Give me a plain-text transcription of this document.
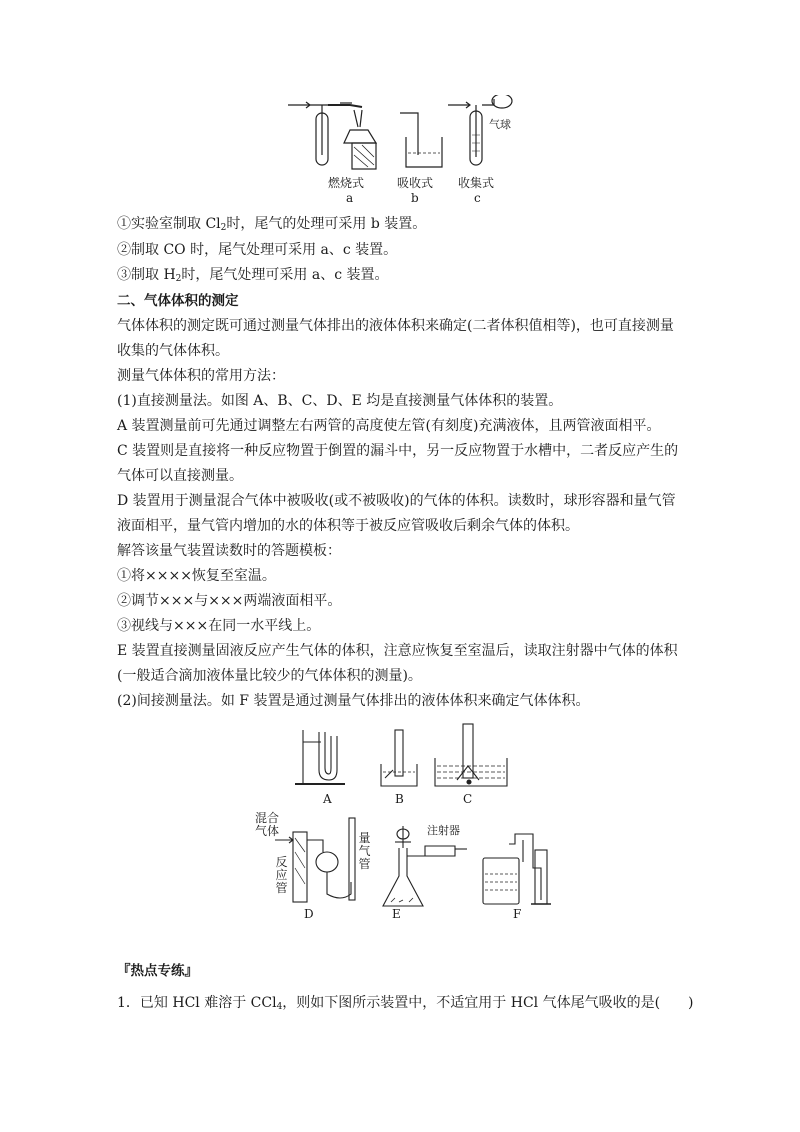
气球
燃烧式	吸收式 收集式
a	b	c
①实验室制取 $Cl_2$时，尾气的处理可采用 b 装置。
②制取 CO 时，尾气处理可采用 a、c 装置。
③制取 $H_2$时，尾气处理可采用 a、c 装置。
二、气体体积的测定
气体体积的测定既可通过测量气体排出的液体体积来确定(二者体积值相等)，也可直接测量
收集的气体体积。
测量气体体积的常用方法：
(1)直接测量法。如图 A、B、C、D、E 均是直接测量气体体积的装置。
A 装置测量前可先通过调整左右两管的高度使左管(有刻度)充满液体，且两管液面相平。
C 装置则是直接将一种反应物置于倒置的漏斗中，另一反应物置于水槽中，二者反应产生的
气体可以直接测量。
D 装置用于测量混合气体中被吸收(或不被吸收)的气体的体积。读数时，球形容器和量气管
液面相平，量气管内增加的水的体积等于被反应管吸收后剩余气体的体积。
解答该量气装置读数时的答题模板：
①将××××恢复至室温。
②调节×××与×××两端液面相平。
③视线与×××在同一水平线上。
E 装置直接测量固液反应产生气体的体积，注意应恢复至室温后，读取注射器中气体的体积
(一般适合滴加液体量比较少的气体体积的测量)。
(2)间接测量法。如 F 装置是通过测量气体排出的液体体积来确定气体体积。
A	B	C
混合气体
反应管
量气管
注射器
D	E	F
『热点专练』
1．已知 HCl 难溶于 CCl$_4$，则如下图所示装置中，不适宜用于 HCl 气体尾气吸收的是(　　)
